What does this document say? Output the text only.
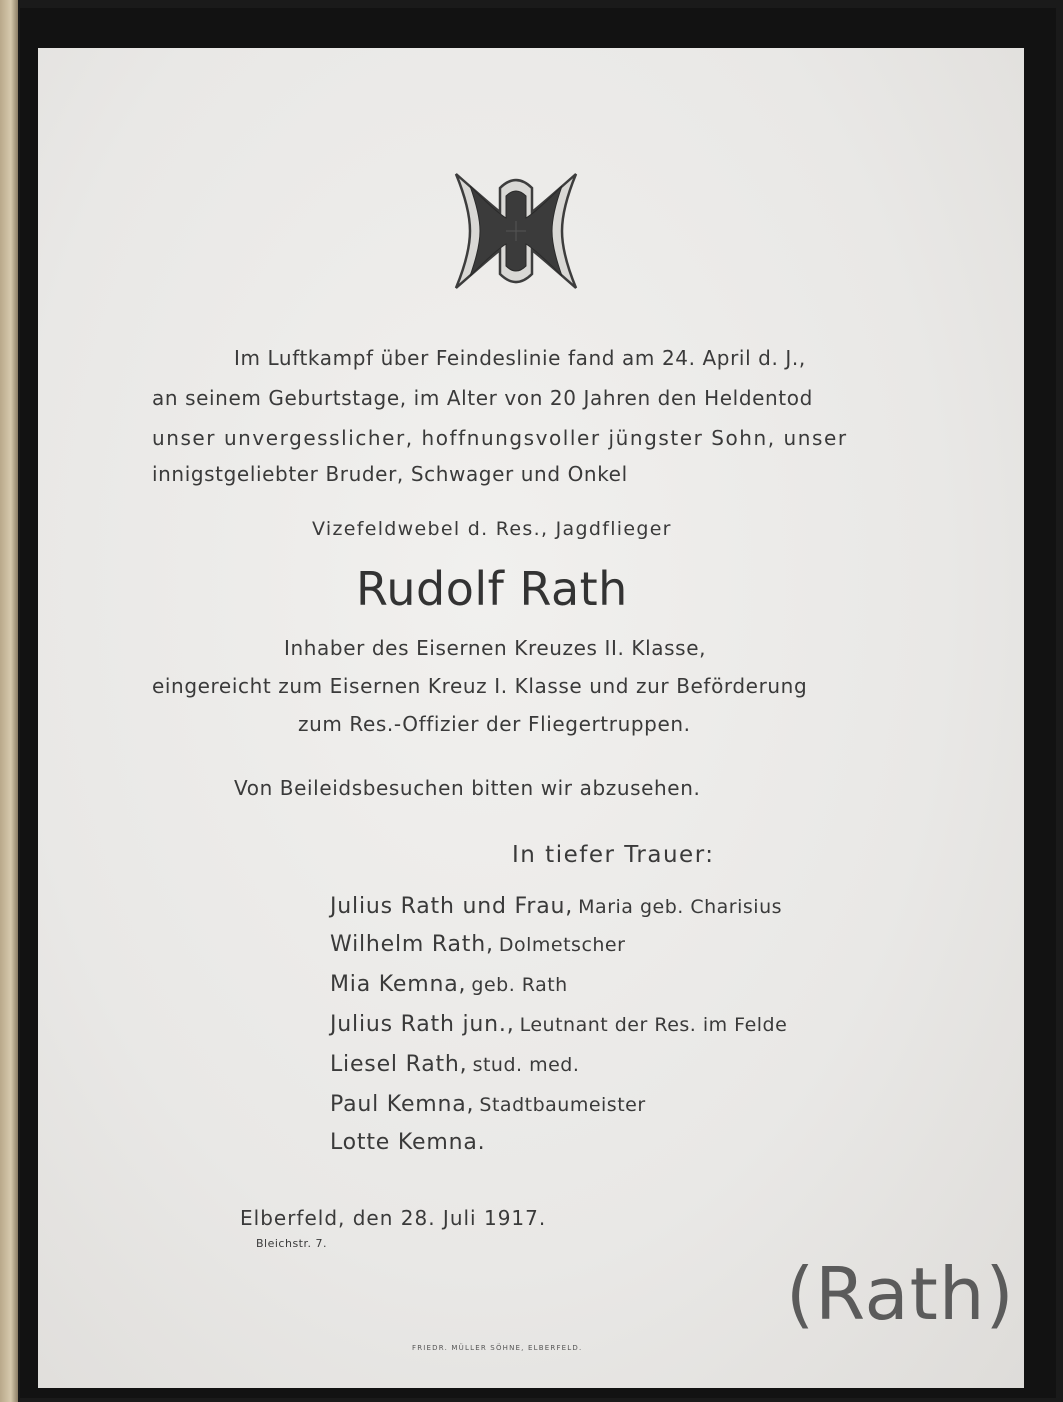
Im Luftkampf über Feindeslinie fand am 24. April d. J.,
an seinem Geburtstage, im Alter von 20 Jahren den Heldentod
unser unvergesslicher, hoffnungsvoller jüngster Sohn, unser
innigstgeliebter Bruder, Schwager und Onkel
Vizefeldwebel d. Res., Jagdflieger
Rudolf Rath
Inhaber des Eisernen Kreuzes II. Klasse,
eingereicht zum Eisernen Kreuz I. Klasse und zur Beförderung
zum Res.-Offizier der Fliegertruppen.
Von Beileidsbesuchen bitten wir abzusehen.
In tiefer Trauer:
Julius Rath und Frau, Maria geb. Charisius
Wilhelm Rath, Dolmetscher
Mia Kemna, geb. Rath
Julius Rath jun., Leutnant der Res. im Felde
Liesel Rath, stud. med.
Paul Kemna, Stadtbaumeister
Lotte Kemna.
Elberfeld, den 28. Juli 1917.
Bleichstr. 7.
FRIEDR. MÜLLER SÖHNE, ELBERFELD.
(Rath)
